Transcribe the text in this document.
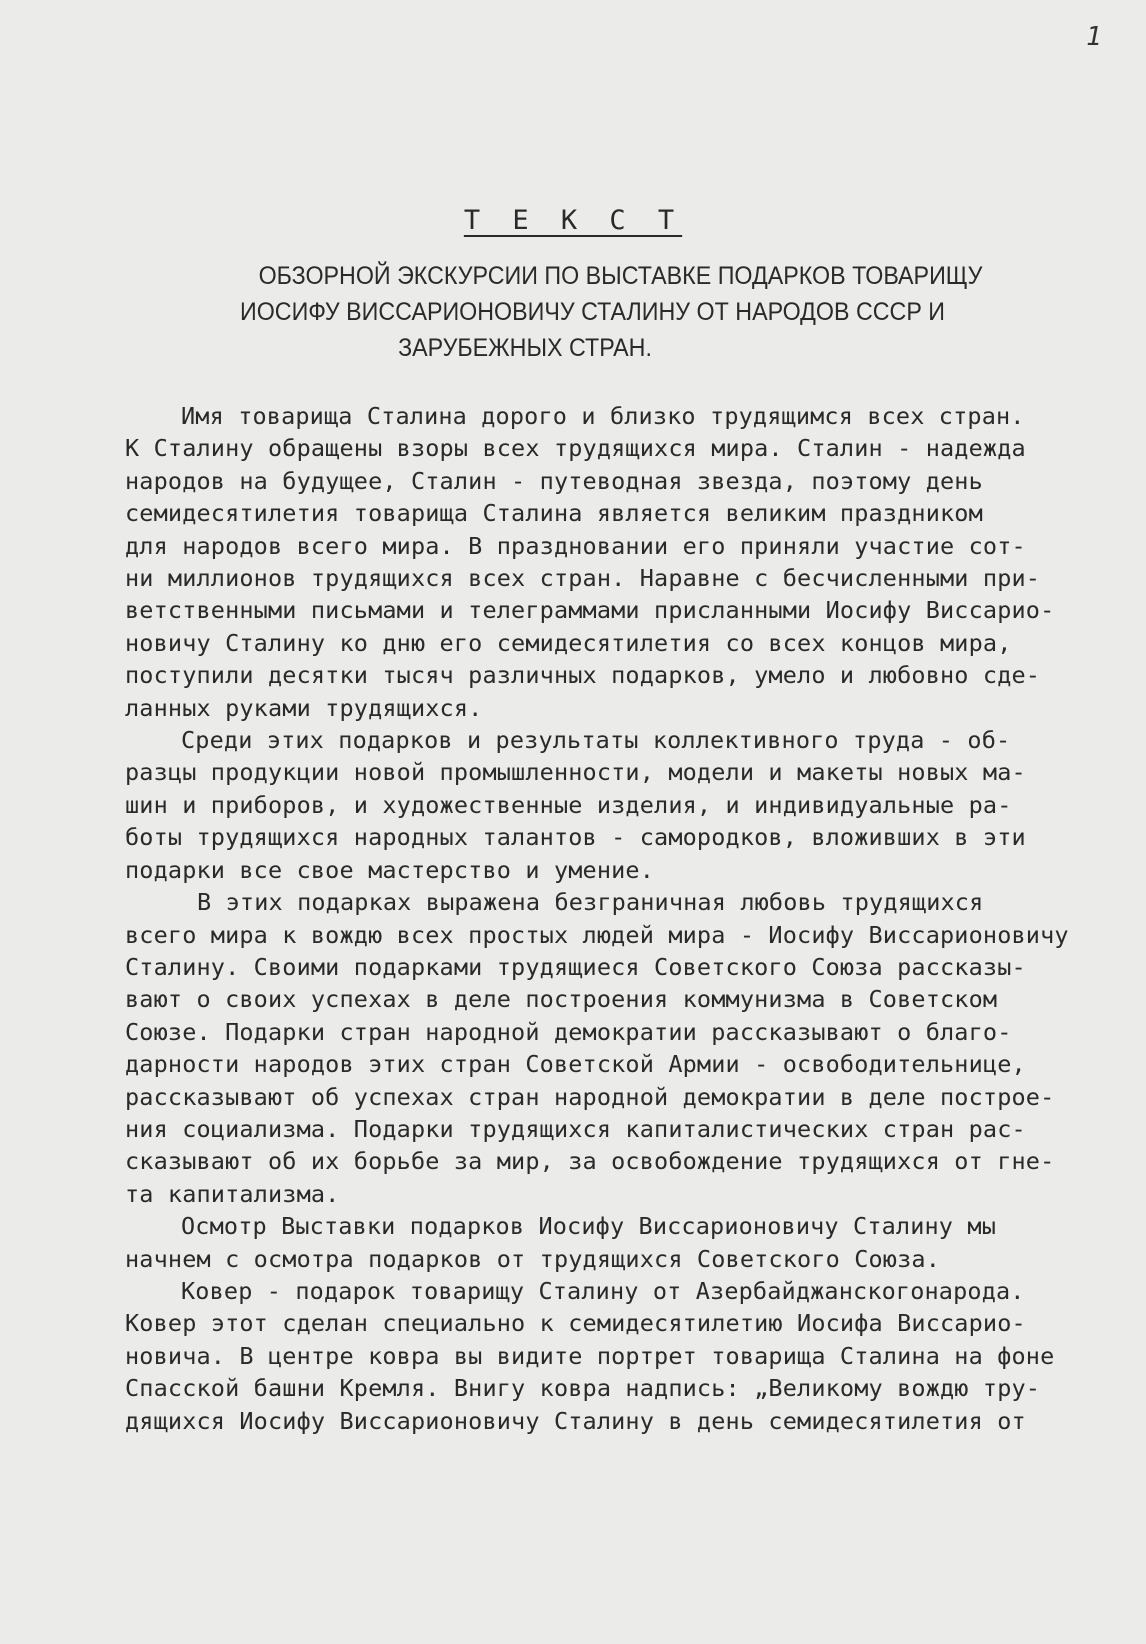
1
Т Е К С Т
ОБЗОРНОЙ ЭКСКУРСИИ ПО ВЫСТАВКЕ ПОДАРКОВ ТОВАРИЩУ
ИОСИФУ ВИССАРИОНОВИЧУ СТАЛИНУ ОТ НАРОДОВ СССР И
ЗАРУБЕЖНЫХ СТРАН.
Имя товарища Сталина дорого и близко трудящимся всех стран.
К Сталину обращены взоры всех трудящихся мира. Сталин - надежда
народов на будущее, Сталин - путеводная звезда, поэтому день
семидесятилетия товарища Сталина является великим праздником
для народов всего мира. В праздновании его приняли участие сот-
ни миллионов трудящихся всех стран. Наравне с бесчисленными при-
ветственными письмами и телеграммами присланными Иосифу Виссарио-
новичу Сталину ко дню его семидесятилетия со всех концов мира,
поступили десятки тысяч различных подарков, умело и любовно сде-
ланных руками трудящихся.
Среди этих подарков и результаты коллективного труда - об-
разцы продукции новой промышленности, модели и макеты новых ма-
шин и приборов, и художественные изделия, и индивидуальные ра-
боты трудящихся народных талантов - самородков, вложивших в эти
подарки все свое мастерство и умение.
В этих подарках выражена безграничная любовь трудящихся
всего мира к вождю всех простых людей мира - Иосифу Виссарионовичу
Сталину. Своими подарками трудящиеся Советского Союза рассказы-
вают о своих успехах в деле построения коммунизма в Советском
Союзе. Подарки стран народной демократии рассказывают о благо-
дарности народов этих стран Советской Армии - освободительнице,
рассказывают об успехах стран народной демократии в деле построе-
ния социализма. Подарки трудящихся капиталистических стран рас-
сказывают об их борьбе за мир, за освобождение трудящихся от гне-
та капитализма.
Осмотр Выставки подарков Иосифу Виссарионовичу Сталину мы
начнем с осмотра подарков от трудящихся Советского Союза.
Ковер - подарок товарищу Сталину от Азербайджанскогонарода.
Ковер этот сделан специально к семидесятилетию Иосифа Виссарио-
новича. В центре ковра вы видите портрет товарища Сталина на фоне
Спасской башни Кремля. Внигу ковра надпись: „Великому вождю тру-
дящихся Иосифу Виссарионовичу Сталину в день семидесятилетия от
